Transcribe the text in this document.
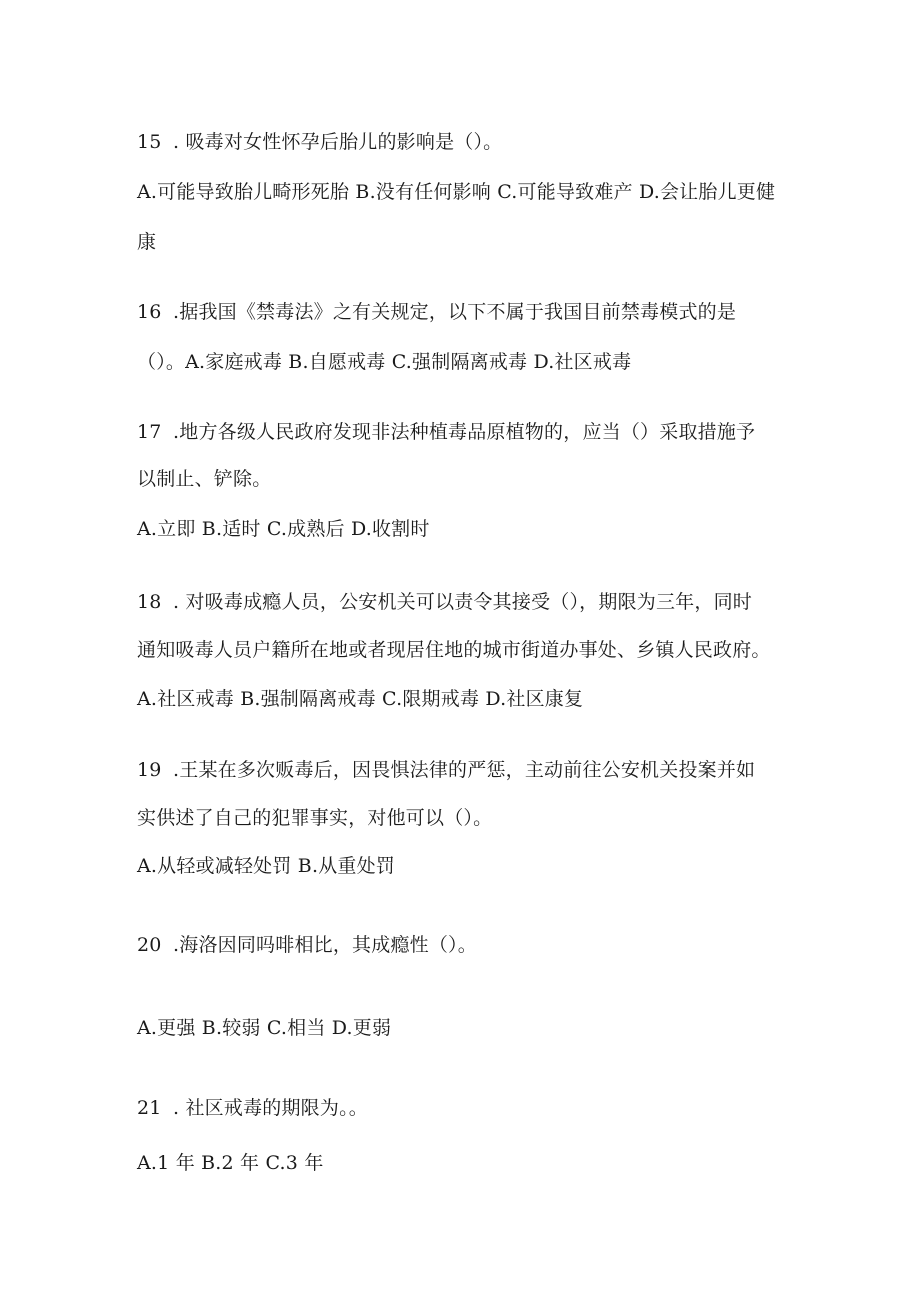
15 . 吸毒对女性怀孕后胎儿的影响是（）。
A.可能导致胎儿畸形死胎 B.没有任何影响 C.可能导致难产 D.会让胎儿更健
康
16 .据我国《禁毒法》之有关规定，以下不属于我国目前禁毒模式的是
（）。A.家庭戒毒 B.自愿戒毒 C.强制隔离戒毒 D.社区戒毒
17 .地方各级人民政府发现非法种植毒品原植物的，应当（）采取措施予
以制止、铲除。
A.立即 B.适时 C.成熟后 D.收割时
18 . 对吸毒成瘾人员，公安机关可以责令其接受（），期限为三年，同时
通知吸毒人员户籍所在地或者现居住地的城市街道办事处、乡镇人民政府。
A.社区戒毒 B.强制隔离戒毒 C.限期戒毒 D.社区康复
19 .王某在多次贩毒后，因畏惧法律的严惩，主动前往公安机关投案并如
实供述了自己的犯罪事实，对他可以（）。
A.从轻或减轻处罚 B.从重处罚
20 .海洛因同吗啡相比，其成瘾性（）。
A.更强 B.较弱 C.相当 D.更弱
21 . 社区戒毒的期限为。。
A.1 年 B.2 年 C.3 年
